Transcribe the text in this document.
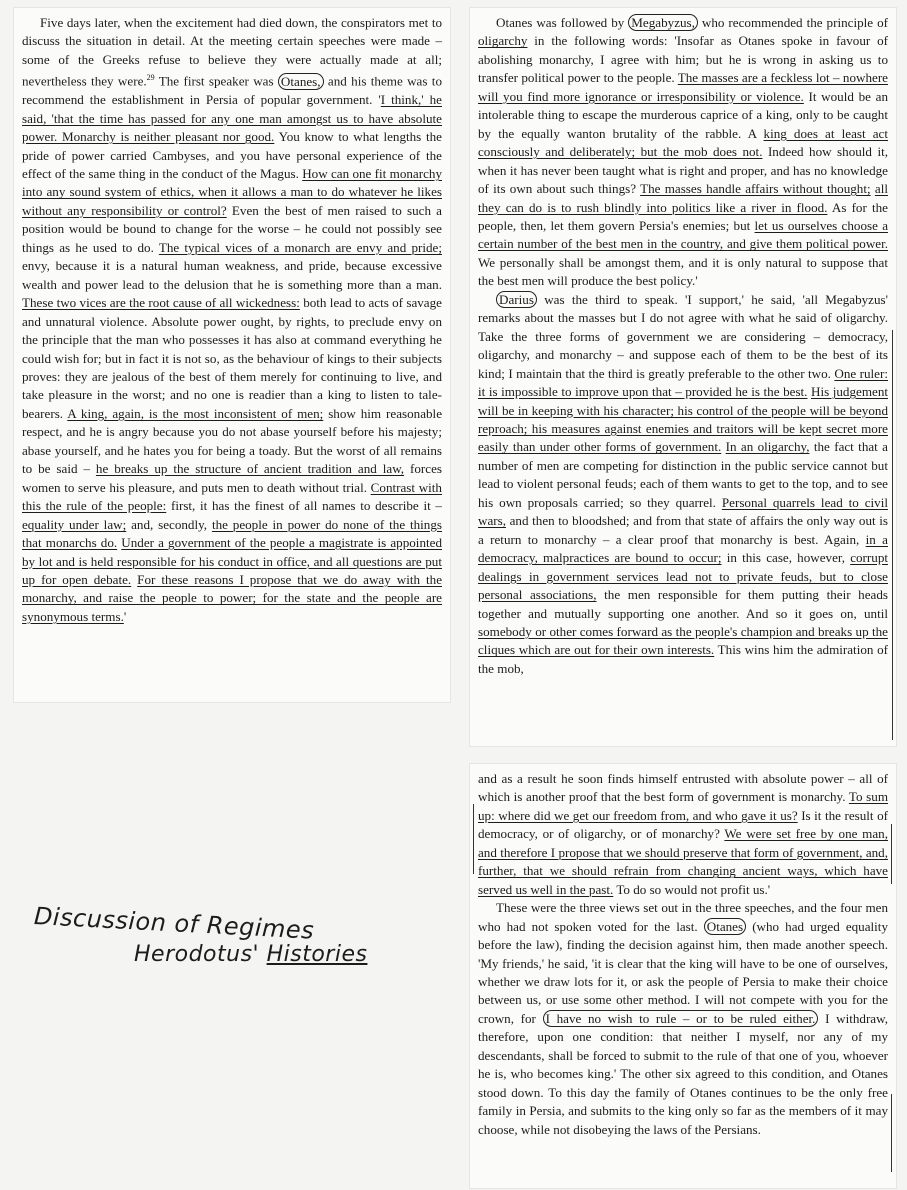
Five days later, when the excitement had died down, the conspirators met to discuss the situation in detail. At the meeting certain speeches were made – some of the Greeks refuse to believe they were actually made at all; nevertheless they were.$^{29}$ The first speaker was Otanes, and his theme was to recommend the establishment in Persia of popular government. 'I think,' he said, 'that the time has passed for any one man amongst us to have absolute power. Monarchy is neither pleasant nor good. You know to what lengths the pride of power carried Cambyses, and you have personal experience of the effect of the same thing in the conduct of the Magus. How can one fit monarchy into any sound system of ethics, when it allows a man to do whatever he likes without any responsibility or control? Even the best of men raised to such a position would be bound to change for the worse – he could not possibly see things as he used to do. The typical vices of a monarch are envy and pride; envy, because it is a natural human weakness, and pride, because excessive wealth and power lead to the delusion that he is something more than a man. These two vices are the root cause of all wickedness: both lead to acts of savage and unnatural violence. Absolute power ought, by rights, to preclude envy on the principle that the man who possesses it has also at command everything he could wish for; but in fact it is not so, as the behaviour of kings to their subjects proves: they are jealous of the best of them merely for continuing to live, and take pleasure in the worst; and no one is readier than a king to listen to tale-bearers. A king, again, is the most inconsistent of men; show him reasonable respect, and he is angry because you do not abase yourself before his majesty; abase yourself, and he hates you for being a toady. But the worst of all remains to be said – he breaks up the structure of ancient tradition and law, forces women to serve his pleasure, and puts men to death without trial. Contrast with this the rule of the people: first, it has the finest of all names to describe it – equality under law; and, secondly, the people in power do none of the things that monarchs do. Under a government of the people a magistrate is appointed by lot and is held responsible for his conduct in office, and all questions are put up for open debate. For these reasons I propose that we do away with the monarchy, and raise the people to power; for the state and the people are synonymous terms.'

Otanes was followed by Megabyzus, who recommended the principle of oligarchy in the following words: 'Insofar as Otanes spoke in favour of abolishing monarchy, I agree with him; but he is wrong in asking us to transfer political power to the people. The masses are a feckless lot – nowhere will you find more ignorance or irresponsibility or violence. It would be an intolerable thing to escape the murderous caprice of a king, only to be caught by the equally wanton brutality of the rabble. A king does at least act consciously and deliberately; but the mob does not. Indeed how should it, when it has never been taught what is right and proper, and has no knowledge of its own about such things? The masses handle affairs without thought; all they can do is to rush blindly into politics like a river in flood. As for the people, then, let them govern Persia's enemies; but let us ourselves choose a certain number of the best men in the country, and give them political power. We personally shall be amongst them, and it is only natural to suppose that the best men will produce the best policy.'

Darius was the third to speak. 'I support,' he said, 'all Megabyzus' remarks about the masses but I do not agree with what he said of oligarchy. Take the three forms of government we are considering – democracy, oligarchy, and monarchy – and suppose each of them to be the best of its kind; I maintain that the third is greatly preferable to the other two. One ruler: it is impossible to improve upon that – provided he is the best. His judgement will be in keeping with his character; his control of the people will be beyond reproach; his measures against enemies and traitors will be kept secret more easily than under other forms of government. In an oligarchy, the fact that a number of men are competing for distinction in the public service cannot but lead to violent personal feuds; each of them wants to get to the top, and to see his own proposals carried; so they quarrel. Personal quarrels lead to civil wars, and then to bloodshed; and from that state of affairs the only way out is a return to monarchy – a clear proof that monarchy is best. Again, in a democracy, malpractices are bound to occur; in this case, however, corrupt dealings in government services lead not to private feuds, but to close personal associations, the men responsible for them putting their heads together and mutually supporting one another. And so it goes on, until somebody or other comes forward as the people's champion and breaks up the cliques which are out for their own interests. This wins him the admiration of the mob,

and as a result he soon finds himself entrusted with absolute power – all of which is another proof that the best form of government is monarchy. To sum up: where did we get our freedom from, and who gave it us? Is it the result of democracy, or of oligarchy, or of monarchy? We were set free by one man, and therefore I propose that we should preserve that form of government, and, further, that we should refrain from changing ancient ways, which have served us well in the past. To do so would not profit us.'

These were the three views set out in the three speeches, and the four men who had not spoken voted for the last. Otanes (who had urged equality before the law), finding the decision against him, then made another speech. 'My friends,' he said, 'it is clear that the king will have to be one of ourselves, whether we draw lots for it, or ask the people of Persia to make their choice between us, or use some other method. I will not compete with you for the crown, for I have no wish to rule – or to be ruled either. I withdraw, therefore, upon one condition: that neither I myself, nor any of my descendants, shall be forced to submit to the rule of that one of you, whoever he is, who becomes king.' The other six agreed to this condition, and Otanes stood down. To this day the family of Otanes continues to be the only free family in Persia, and submits to the king only so far as the members of it may choose, while not disobeying the laws of the Persians.

Discussion of Regimes
Herodotus' Histories
